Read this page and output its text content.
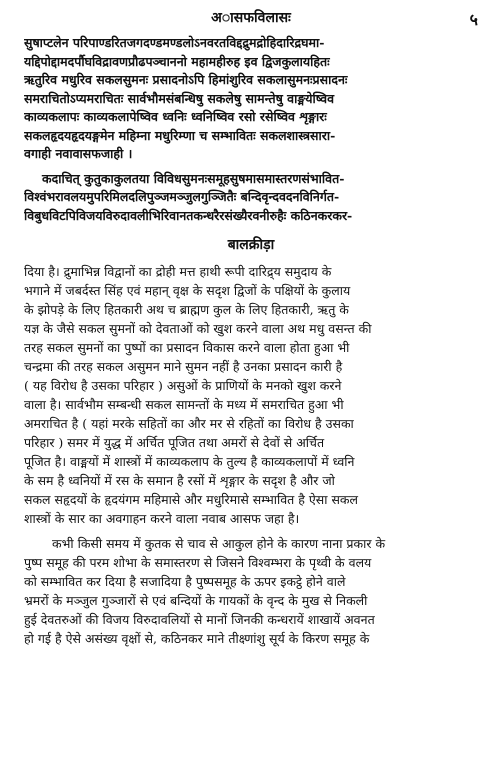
अासफविलासः	५

सुषाप्टलेन परिपाण्डरितजगदण्डमण्डलोऽनवरतविद्दद्रुमद्रोहिदारिद्रघमा-
यद्दिपोद्दामदर्पौघविद्रावणप्रौढपञ्चाननो महामहीरुह इव द्विजकुलायहितः
ऋतुरिव मधुरिव सकलसुमनः प्रसादनोऽपि हिमांशुरिव सकलासुमनःप्रसादनः
समराचितोऽप्यमराचितः सार्वभौमसंबन्धिषु सकलेषु सामन्तेषु वाङ्मयेष्विव
काव्यकलापः काव्यकलापेष्विव ध्वनिः ध्वनिष्विव रसो रसेष्विव शृङ्गारः
सकलहृदयहृदयङ्गमेन महिम्ना मधुरिम्णा च सम्भावितः सकलशास्त्रसारा-
वगाही नवावासफजाही ।

कदाचित् कुतुकाकुलतया विविधसुमनःसमूहसुषमासमास्तरणसंभावित-
विश्वंभरावलयमुपरिमिलदलिपुञ्जमञ्जुलगुञ्जितैः बन्दिवृन्दवदनविनिर्गत-
विबुधविटपिविजयविरुदावलीभिरिवानतकन्धरैरसंख्यैरवनीरुहैः कठिनकरकर-

बालक्रीड़ा

दिया है। द्रुमाभिन्न विद्वानों का द्रोही मत्त हाथी रूपी दारिद्र्य समुदाय के
भगाने में जबर्दस्त सिंह एवं महान् वृक्ष के सदृश द्विजों के पक्षियों के कुलाय
के झोपड़े के लिए हितकारी अथ च ब्राह्मण कुल के लिए हितकारी, ऋतु के
यज्ञ के जैसे सकल सुमनों को देवताओं को खुश करने वाला अथ मधु वसन्त की
तरह सकल सुमनों का पुष्पों का प्रसादन विकास करने वाला होता हुआ भी
चन्द्रमा की तरह सकल असुमन माने सुमन नहीं है उनका प्रसादन कारी है
( यह विरोध है उसका परिहार ) असुओं के प्राणियों के मनको खुश करने
वाला है। सार्वभौम सम्बन्धी सकल सामन्तों के मध्य में समराचित हुआ भी
अमराचित है ( यहां मरके सहितों का और मर से रहितों का विरोध है उसका
परिहार ) समर में युद्ध में अर्चित पूजित तथा अमरों से देवों से अर्चित
पूजित है। वाङ्मयों में शास्त्रों में काव्यकलाप के तुल्य है काव्यकलापों में ध्वनि
के सम है ध्वनियों में रस के समान है रसों में शृङ्गार के सदृश है और जो
सकल सहृदयों के हृदयंगम महिमासे और मधुरिमासे सम्भावित है ऐसा सकल
शास्त्रों के सार का अवगाहन करने वाला नवाब आसफ जहा है।

कभी किसी समय में कुतक से चाव से आकुल होने के कारण नाना प्रकार के
पुष्प समूह की परम शोभा के समास्तरण से जिसने विश्वम्भरा के पृथ्वी के वलय
को सम्भावित कर दिया है सजादिया है पुष्पसमूह के ऊपर इकट्ठे होने वाले
भ्रमरों के मञ्जुल गुञ्जारों से एवं बन्दियों के गायकों के वृन्द के मुख से निकली
हुई देवतरुओं की विजय विरुदावलियों से मानों जिनकी कन्धरायें शाखायें अवनत
हो गई है ऐसे असंख्य वृक्षों से, कठिनकर माने तीक्ष्णांशु सूर्य के किरण समूह के
